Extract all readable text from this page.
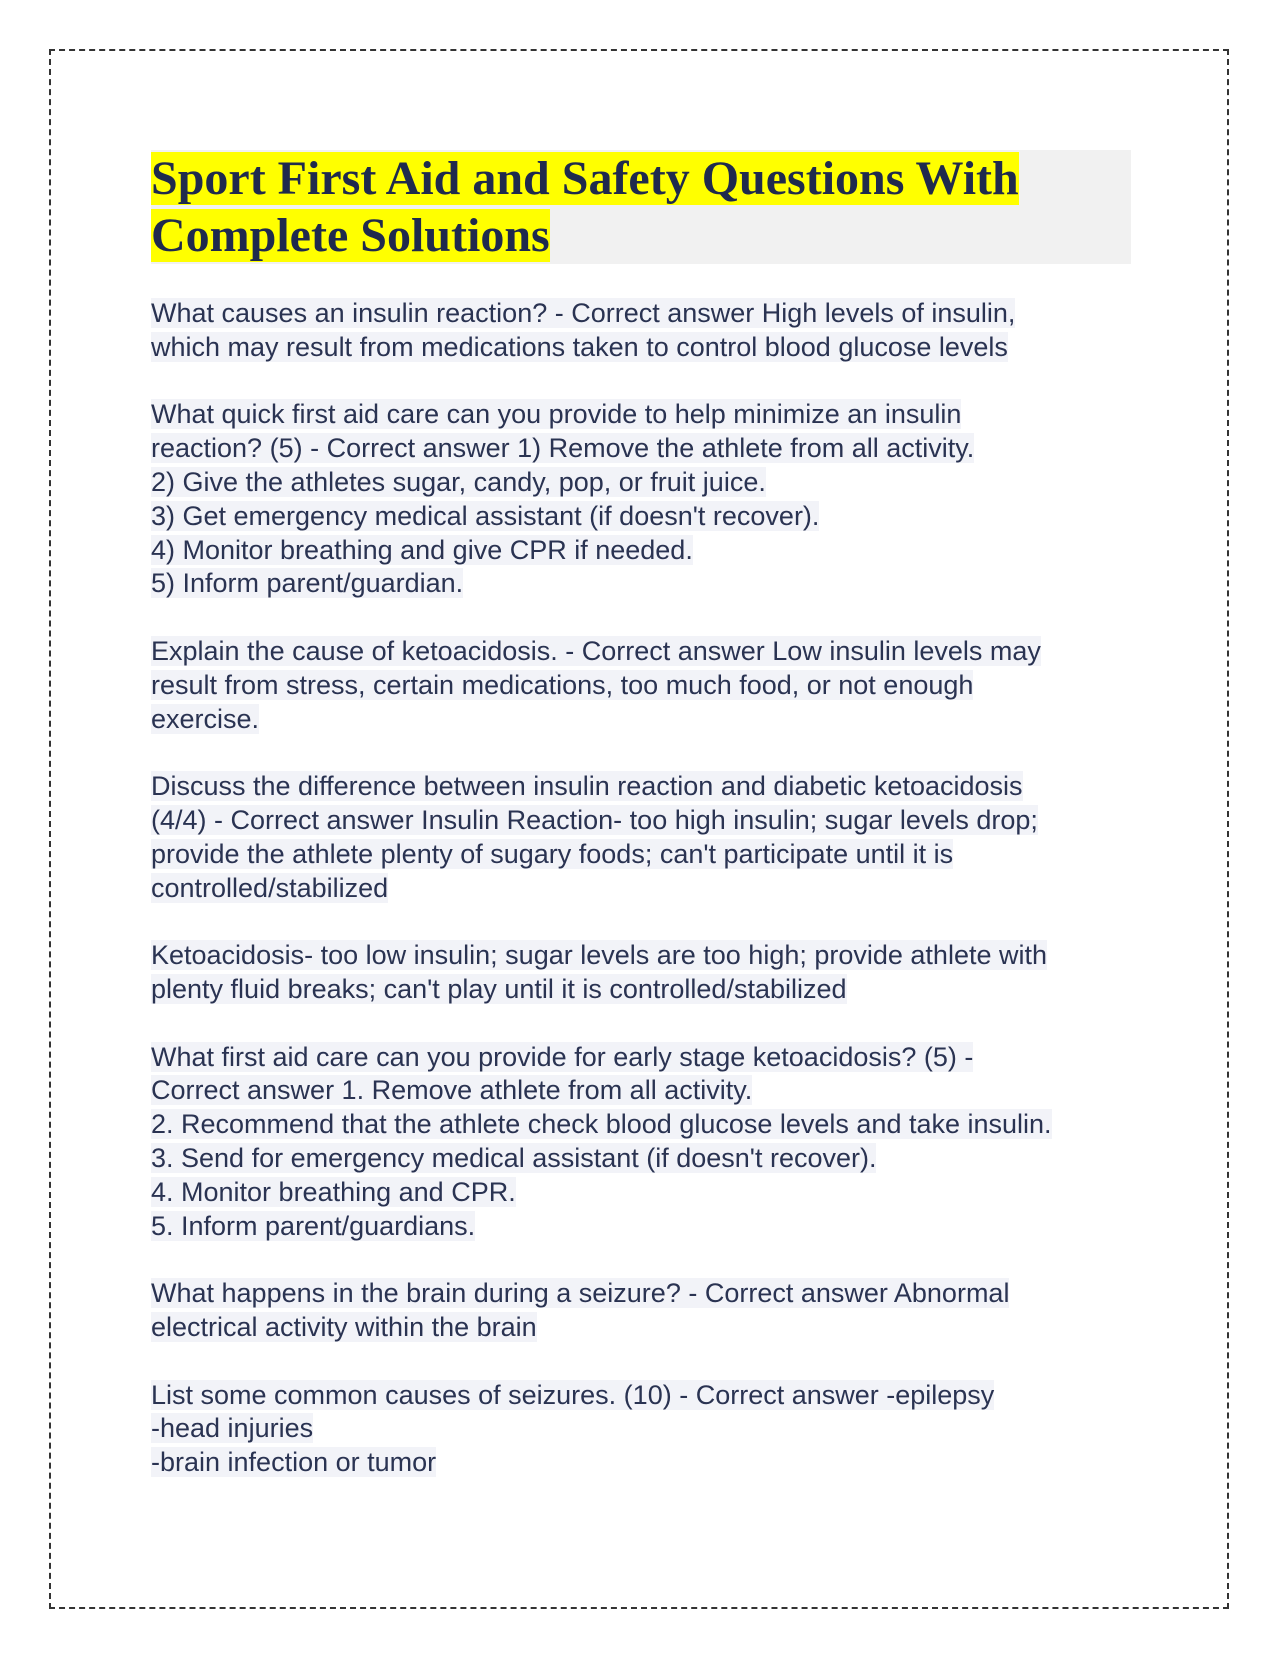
Sport First Aid and Safety Questions With
Complete Solutions
What causes an insulin reaction? - Correct answer High levels of insulin,
which may result from medications taken to control blood glucose levels
What quick first aid care can you provide to help minimize an insulin
reaction? (5) - Correct answer 1) Remove the athlete from all activity.
2) Give the athletes sugar, candy, pop, or fruit juice.
3) Get emergency medical assistant (if doesn't recover).
4) Monitor breathing and give CPR if needed.
5) Inform parent/guardian.
Explain the cause of ketoacidosis. - Correct answer Low insulin levels may
result from stress, certain medications, too much food, or not enough
exercise.
Discuss the difference between insulin reaction and diabetic ketoacidosis
(4/4) - Correct answer Insulin Reaction- too high insulin; sugar levels drop;
provide the athlete plenty of sugary foods; can't participate until it is
controlled/stabilized
Ketoacidosis- too low insulin; sugar levels are too high; provide athlete with
plenty fluid breaks; can't play until it is controlled/stabilized
What first aid care can you provide for early stage ketoacidosis? (5) -
Correct answer 1. Remove athlete from all activity.
2. Recommend that the athlete check blood glucose levels and take insulin.
3. Send for emergency medical assistant (if doesn't recover).
4. Monitor breathing and CPR.
5. Inform parent/guardians.
What happens in the brain during a seizure? - Correct answer Abnormal
electrical activity within the brain
List some common causes of seizures. (10) - Correct answer -epilepsy
-head injuries
-brain infection or tumor
